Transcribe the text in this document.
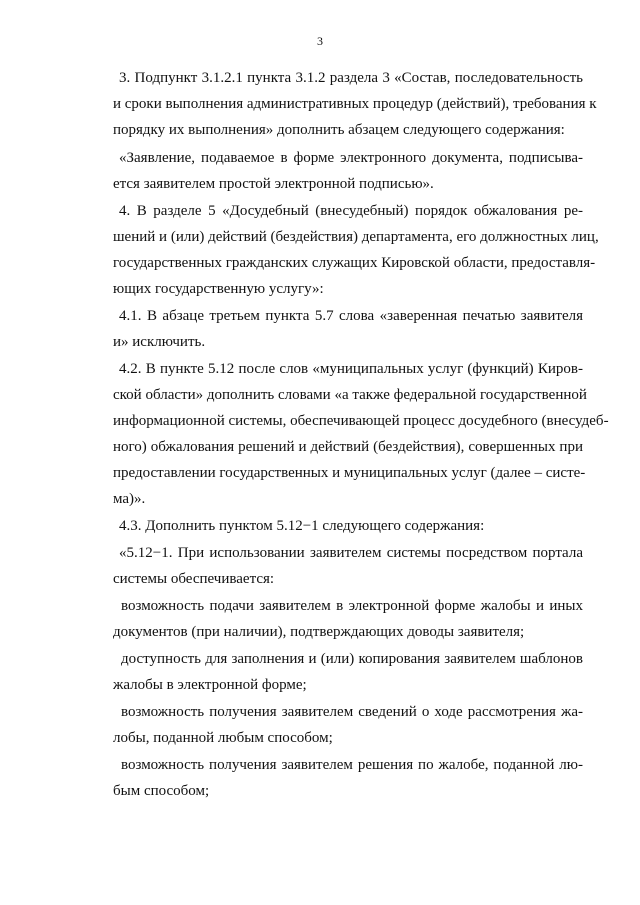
3
3. Подпункт 3.1.2.1 пункта 3.1.2 раздела 3 «Состав, последовательность
и сроки выполнения административных процедур (действий), требования к
порядку их выполнения» дополнить абзацем следующего содержания:
«Заявление, подаваемое в форме электронного документа, подписыва-
ется заявителем простой электронной подписью».
4. В разделе 5 «Досудебный (внесудебный) порядок обжалования ре-
шений и (или) действий (бездействия) департамента, его должностных лиц,
государственных гражданских служащих Кировской области, предоставля-
ющих государственную услугу»:
4.1. В абзаце третьем пункта 5.7 слова «заверенная печатью заявителя
и» исключить.
4.2. В пункте 5.12 после слов «муниципальных услуг (функций) Киров-
ской области» дополнить словами «а также федеральной государственной
информационной системы, обеспечивающей процесс досудебного (внесудеб-
ного) обжалования решений и действий (бездействия), совершенных при
предоставлении государственных и муниципальных услуг (далее – систе-
ма)».
4.3. Дополнить пунктом 5.12−1 следующего содержания:
«5.12−1. При использовании заявителем системы посредством портала
системы обеспечивается:
возможность подачи заявителем в электронной форме жалобы и иных
документов (при наличии), подтверждающих доводы заявителя;
доступность для заполнения и (или) копирования заявителем шаблонов
жалобы в электронной форме;
возможность получения заявителем сведений о ходе рассмотрения жа-
лобы, поданной любым способом;
возможность получения заявителем решения по жалобе, поданной лю-
бым способом;
